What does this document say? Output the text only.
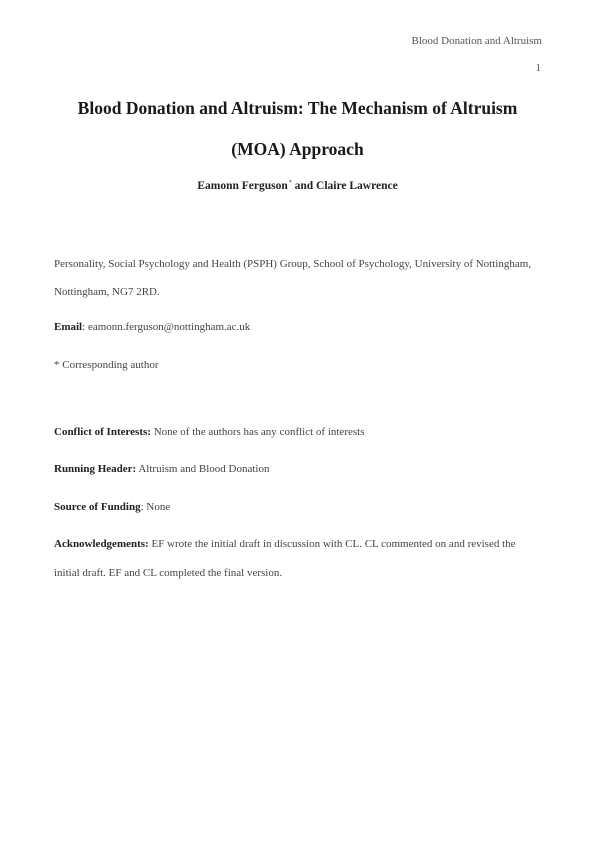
Blood Donation and Altruism
1
Blood Donation and Altruism: The Mechanism of Altruism (MOA) Approach
Eamonn Ferguson* and Claire Lawrence
Personality, Social Psychology and Health (PSPH) Group, School of Psychology, University of Nottingham, Nottingham, NG7 2RD.
Email: eamonn.ferguson@nottingham.ac.uk
* Corresponding author
Conflict of Interests: None of the authors has any conflict of interests
Running Header: Altruism and Blood Donation
Source of Funding: None
Acknowledgements: EF wrote the initial draft in discussion with CL. CL commented on and revised the initial draft. EF and CL completed the final version.
